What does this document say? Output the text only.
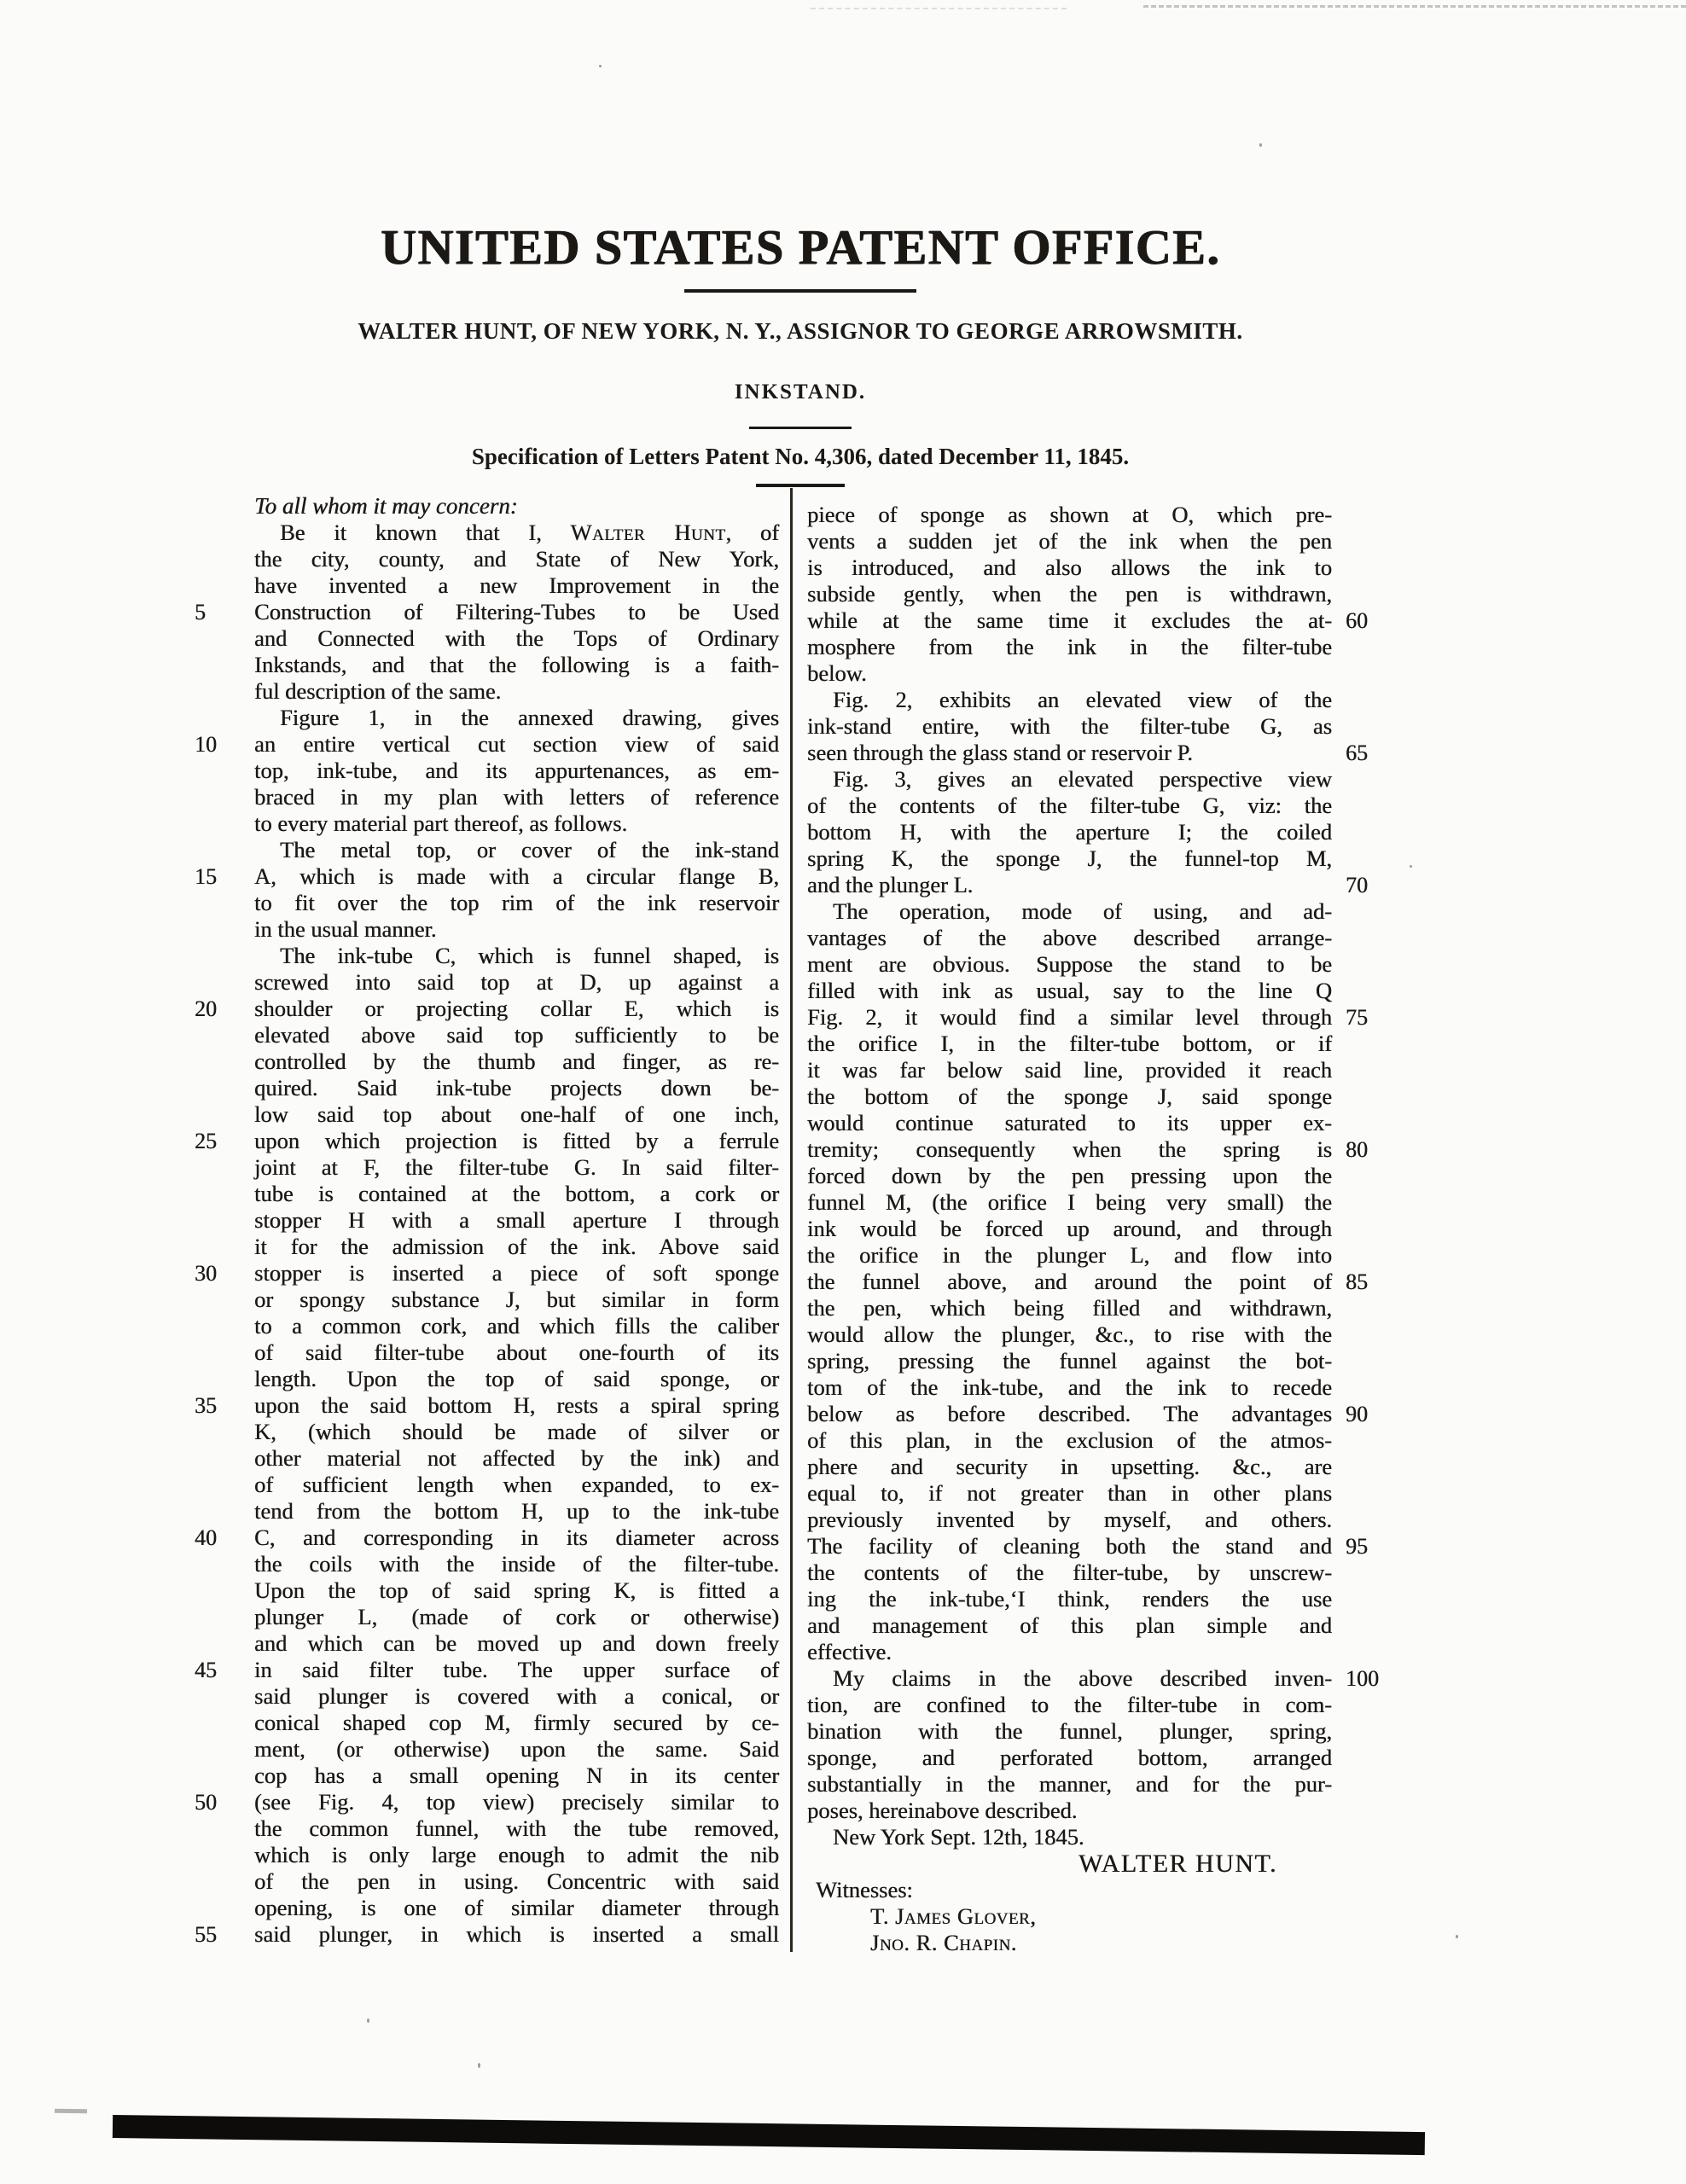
UNITED STATES PATENT OFFICE.
WALTER HUNT, OF NEW YORK, N. Y., ASSIGNOR TO GEORGE ARROWSMITH.
INKSTAND.
Specification of Letters Patent No. 4,306, dated December 11, 1845.
To all whom it may concern:
Be it known that I, Walter Hunt, of
the city, county, and State of New York,
have invented a new Improvement in the
Construction of Filtering-Tubes to be Used
5
and Connected with the Tops of Ordinary
Inkstands, and that the following is a faith-
ful description of the same.
Figure 1, in the annexed drawing, gives
an entire vertical cut section view of said
10
top, ink-tube, and its appurtenances, as em-
braced in my plan with letters of reference
to every material part thereof, as follows.
The metal top, or cover of the ink-stand
A, which is made with a circular flange B,
15
to fit over the top rim of the ink reservoir
in the usual manner.
The ink-tube C, which is funnel shaped, is
screwed into said top at D, up against a
shoulder or projecting collar E, which is
20
elevated above said top sufficiently to be
controlled by the thumb and finger, as re-
quired. Said ink-tube projects down be-
low said top about one-half of one inch,
upon which projection is fitted by a ferrule
25
joint at F, the filter-tube G. In said filter-
tube is contained at the bottom, a cork or
stopper H with a small aperture I through
it for the admission of the ink. Above said
stopper is inserted a piece of soft sponge
30
or spongy substance J, but similar in form
to a common cork, and which fills the caliber
of said filter-tube about one-fourth of its
length. Upon the top of said sponge, or
upon the said bottom H, rests a spiral spring
35
K, (which should be made of silver or
other material not affected by the ink) and
of sufficient length when expanded, to ex-
tend from the bottom H, up to the ink-tube
C, and corresponding in its diameter across
40
the coils with the inside of the filter-tube.
Upon the top of said spring K, is fitted a
plunger L, (made of cork or otherwise)
and which can be moved up and down freely
in said filter tube. The upper surface of
45
said plunger is covered with a conical, or
conical shaped cop M, firmly secured by ce-
ment, (or otherwise) upon the same. Said
cop has a small opening N in its center
(see Fig. 4, top view) precisely similar to
50
the common funnel, with the tube removed,
which is only large enough to admit the nib
of the pen in using. Concentric with said
opening, is one of similar diameter through
said plunger, in which is inserted a small
55
piece of sponge as shown at O, which pre-
vents a sudden jet of the ink when the pen
is introduced, and also allows the ink to
subside gently, when the pen is withdrawn,
while at the same time it excludes the at- 60
mosphere from the ink in the filter-tube
below.
Fig. 2, exhibits an elevated view of the
ink-stand entire, with the filter-tube G, as
seen through the glass stand or reservoir P.	65
Fig. 3, gives an elevated perspective view
of the contents of the filter-tube G, viz: the
bottom H, with the aperture I; the coiled
spring K, the sponge J, the funnel-top M,
and the plunger L.	70
The operation, mode of using, and ad-
vantages of the above described arrange-
ment are obvious. Suppose the stand to be
filled with ink as usual, say to the line Q
Fig. 2, it would find a similar level through 75
the orifice I, in the filter-tube bottom, or if
it was far below said line, provided it reach
the bottom of the sponge J, said sponge
would continue saturated to its upper ex-
tremity; consequently when the spring is 80
forced down by the pen pressing upon the
funnel M, (the orifice I being very small) the
ink would be forced up around, and through
the orifice in the plunger L, and flow into
the funnel above, and around the point of 85
the pen, which being filled and withdrawn,
would allow the plunger, &c., to rise with the
spring, pressing the funnel against the bot-
tom of the ink-tube, and the ink to recede
below as before described. The advantages 90
of this plan, in the exclusion of the atmos-
phere and security in upsetting. &c., are
equal to, if not greater than in other plans
previously invented by myself, and others.
The facility of cleaning both the stand and 95
the contents of the filter-tube, by unscrew-
ing the ink-tube,‘I think, renders the use
and management of this plan simple and
effective.
My claims in the above described inven- 100
tion, are confined to the filter-tube in com-
bination with the funnel, plunger, spring,
sponge, and perforated bottom, arranged
substantially in the manner, and for the pur-
poses, hereinabove described.
New York Sept. 12th, 1845.
WALTER HUNT.
Witnesses:
T. James Glover,
Jno. R. Chapin.
